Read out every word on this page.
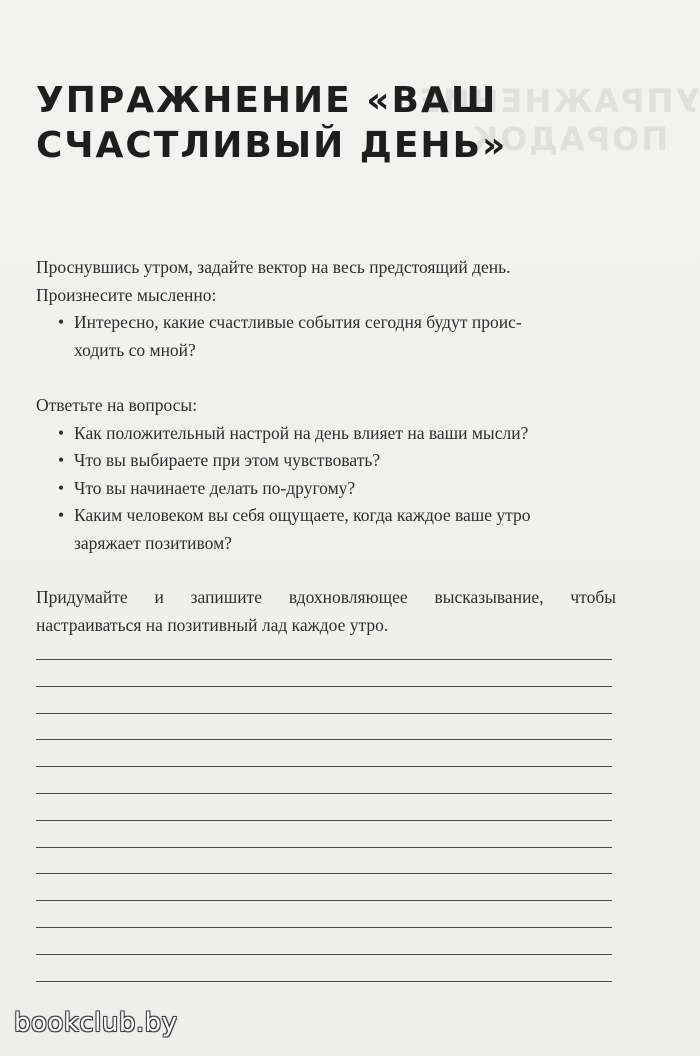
УПРАЖНЕНИЕ
ПОРАДОК
УПРАЖНЕНИЕ «ВАШ
СЧАСТЛИВЫЙ ДЕНЬ»
Проснувшись утром, задайте вектор на весь предстоящий день.
Произнесите мысленно:
• Интересно, какие счастливые события сегодня будут проис-
ходить со мной?
Ответьте на вопросы:
• Как положительный настрой на день влияет на ваши мысли?
• Что вы выбираете при этом чувствовать?
• Что вы начинаете делать по-другому?
• Каким человеком вы себя ощущаете, когда каждое ваше утро
заряжает позитивом?
Придумайте и запишите вдохновляющее высказывание, чтобы
настраиваться на позитивный лад каждое утро.
bookclub.by
